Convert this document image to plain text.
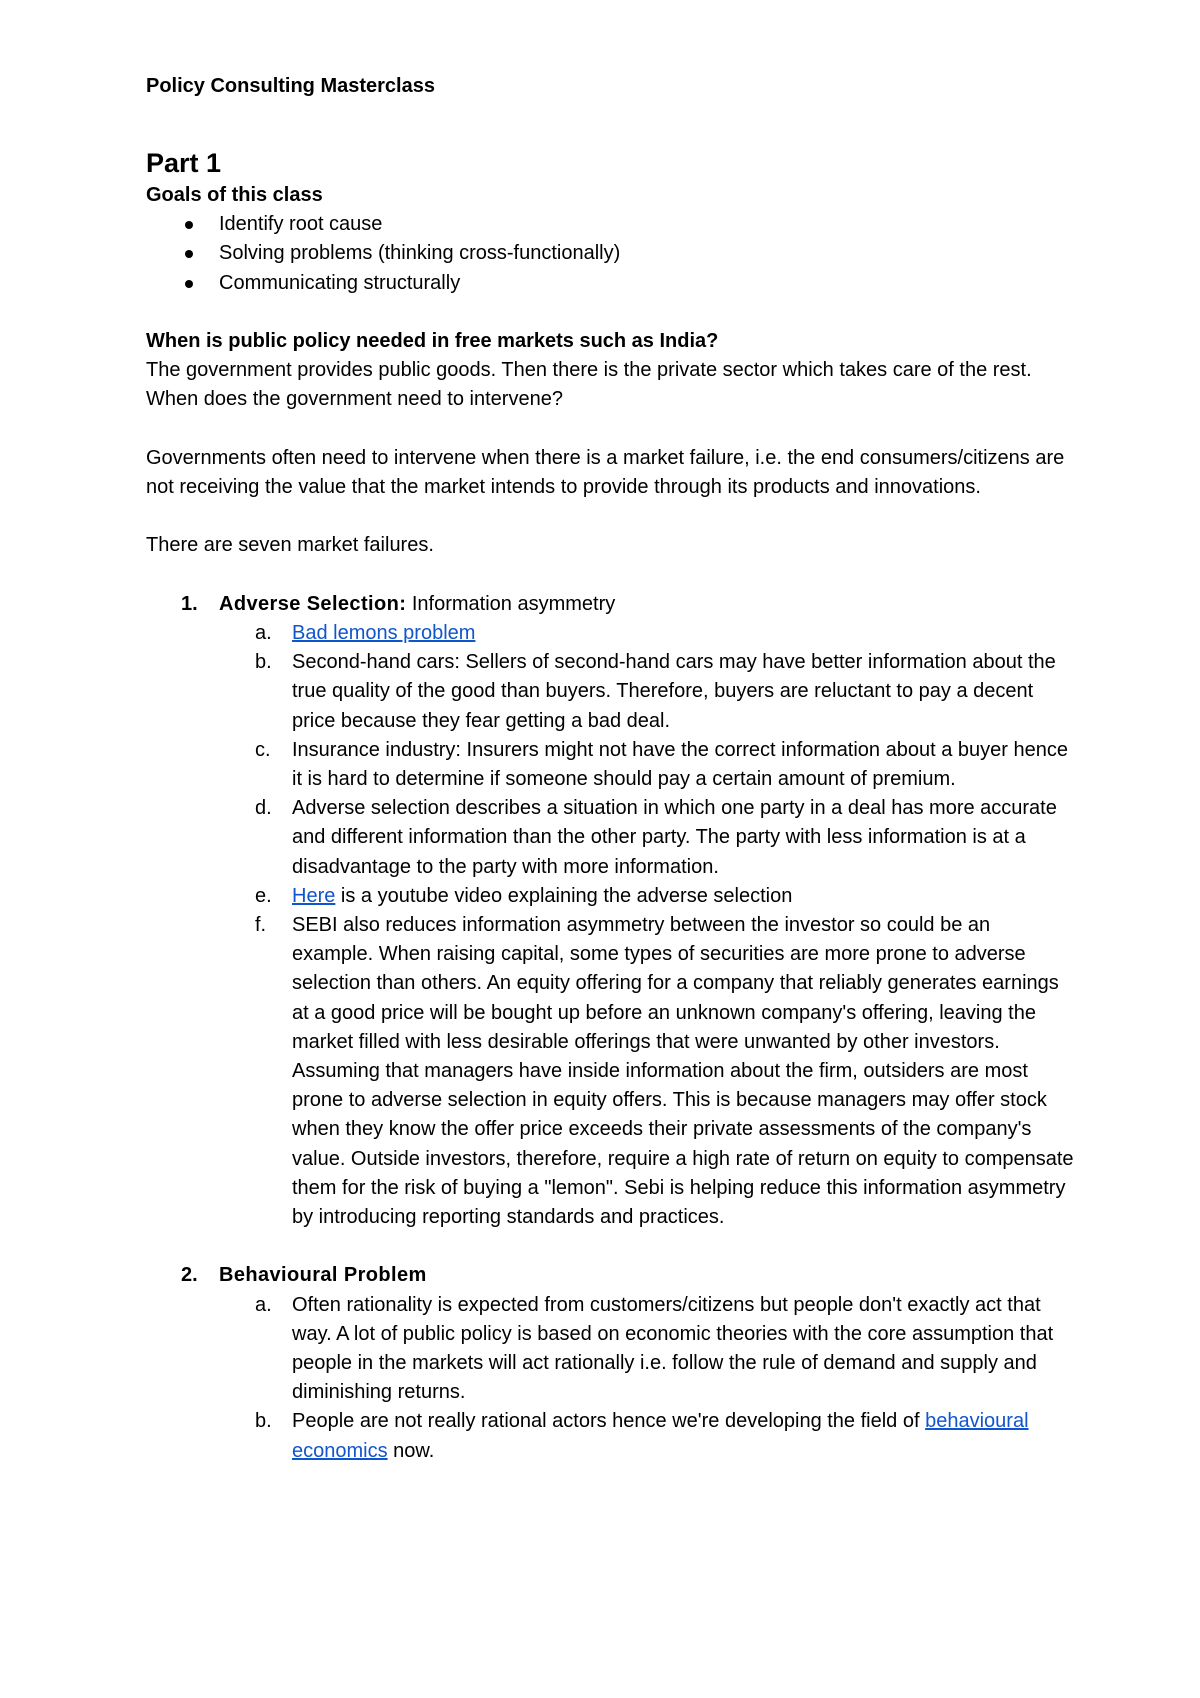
Policy Consulting Masterclass
Part 1
Goals of this class
Identify root cause
Solving problems (thinking cross-functionally)
Communicating structurally
When is public policy needed in free markets such as India?
The government provides public goods. Then there is the private sector which takes care of the rest. When does the government need to intervene?
Governments often need to intervene when there is a market failure, i.e. the end consumers/citizens are not receiving the value that the market intends to provide through its products and innovations.
There are seven market failures.
1. Adverse Selection: Information asymmetry
a. Bad lemons problem
b. Second-hand cars: Sellers of second-hand cars may have better information about the true quality of the good than buyers. Therefore, buyers are reluctant to pay a decent price because they fear getting a bad deal.
c. Insurance industry: Insurers might not have the correct information about a buyer hence it is hard to determine if someone should pay a certain amount of premium.
d. Adverse selection describes a situation in which one party in a deal has more accurate and different information than the other party. The party with less information is at a disadvantage to the party with more information.
e. Here is a youtube video explaining the adverse selection
f. SEBI also reduces information asymmetry between the investor so could be an example. When raising capital, some types of securities are more prone to adverse selection than others. An equity offering for a company that reliably generates earnings at a good price will be bought up before an unknown company's offering, leaving the market filled with less desirable offerings that were unwanted by other investors. Assuming that managers have inside information about the firm, outsiders are most prone to adverse selection in equity offers. This is because managers may offer stock when they know the offer price exceeds their private assessments of the company's value. Outside investors, therefore, require a high rate of return on equity to compensate them for the risk of buying a "lemon". Sebi is helping reduce this information asymmetry by introducing reporting standards and practices.
2. Behavioural Problem
a. Often rationality is expected from customers/citizens but people don't exactly act that way. A lot of public policy is based on economic theories with the core assumption that people in the markets will act rationally i.e. follow the rule of demand and supply and diminishing returns.
b. People are not really rational actors hence we're developing the field of behavioural economics now.
